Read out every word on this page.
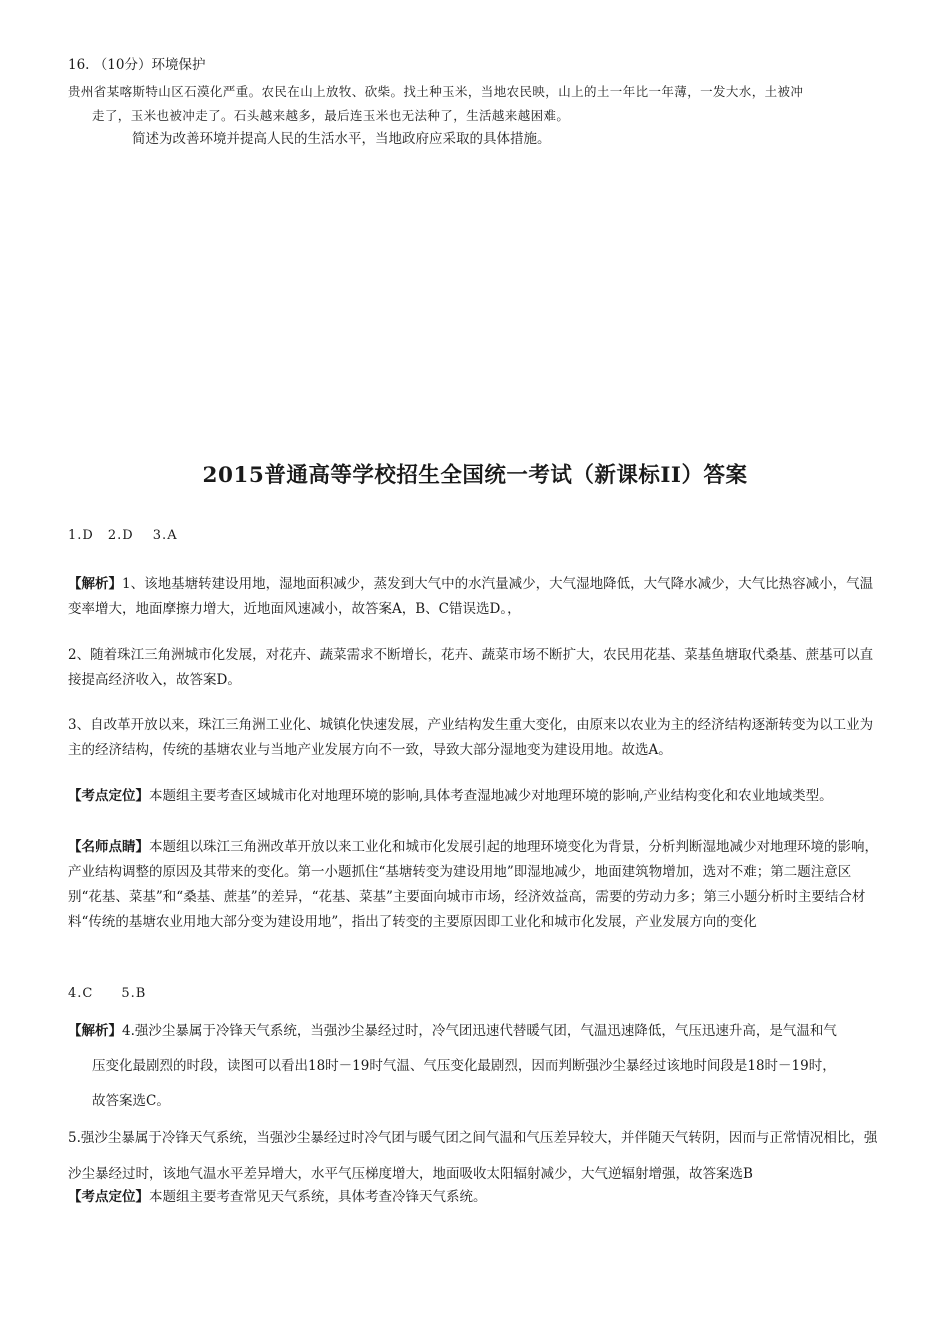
16. （10分）环境保护

贵州省某喀斯特山区石漠化严重。农民在山上放牧、砍柴。找土种玉米，当地农民映，山上的土一年比一年薄，一发大水，土被冲
走了，玉米也被冲走了。石头越来越多，最后连玉米也无法种了，生活越来越困难。

简述为改善环境并提高人民的生活水平，当地政府应采取的具体措施。

2015普通高等学校招生全国统一考试（新课标II）答案

1.D　2.D　 3.A

【解析】1、该地基塘转建设用地，湿地面积减少，蒸发到大气中的水汽量减少，大气湿地降低，大气降水减少，大气比热容减小，气温变率增大，地面摩擦力增大，近地面风速减小，故答案A，B、C错误选D。，

2、随着珠江三角洲城市化发展，对花卉、蔬菜需求不断增长，花卉、蔬菜市场不断扩大，农民用花基、菜基鱼塘取代桑基、蔗基可以直接提高经济收入，故答案D。

3、自改革开放以来，珠江三角洲工业化、城镇化快速发展，产业结构发生重大变化，由原来以农业为主的经济结构逐渐转变为以工业为主的经济结构，传统的基塘农业与当地产业发展方向不一致，导致大部分湿地变为建设用地。故选A。

【考点定位】本题组主要考查区域城市化对地理环境的影响,具体考查湿地减少对地理环境的影响,产业结构变化和农业地域类型。

【名师点睛】本题组以珠江三角洲改革开放以来工业化和城市化发展引起的地理环境变化为背景，分析判断湿地减少对地理环境的影响，产业结构调整的原因及其带来的变化。第一小题抓住“基塘转变为建设用地”即湿地减少，地面建筑物增加，选对不难；第二题注意区别“花基、菜基”和“桑基、蔗基”的差异，“花基、菜基”主要面向城市市场，经济效益高，需要的劳动力多；第三小题分析时主要结合材料“传统的基塘农业用地大部分变为建设用地”，指出了转变的主要原因即工业化和城市化发展，产业发展方向的变化

4.C　　5.B

【解析】4.强沙尘暴属于冷锋天气系统，当强沙尘暴经过时，冷气团迅速代替暖气团，气温迅速降低，气压迅速升高，是气温和气
压变化最剧烈的时段，读图可以看出18时－19时气温、气压变化最剧烈，因而判断强沙尘暴经过该地时间段是18时－19时，
故答案选C。

5.强沙尘暴属于冷锋天气系统，当强沙尘暴经过时冷气团与暖气团之间气温和气压差异较大，并伴随天气转阴，因而与正常情况相比，强沙尘暴经过时，该地气温水平差异增大，水平气压梯度增大，地面吸收太阳辐射减少，大气逆辐射增强，故答案选B

【考点定位】本题组主要考查常见天气系统，具体考查冷锋天气系统。
